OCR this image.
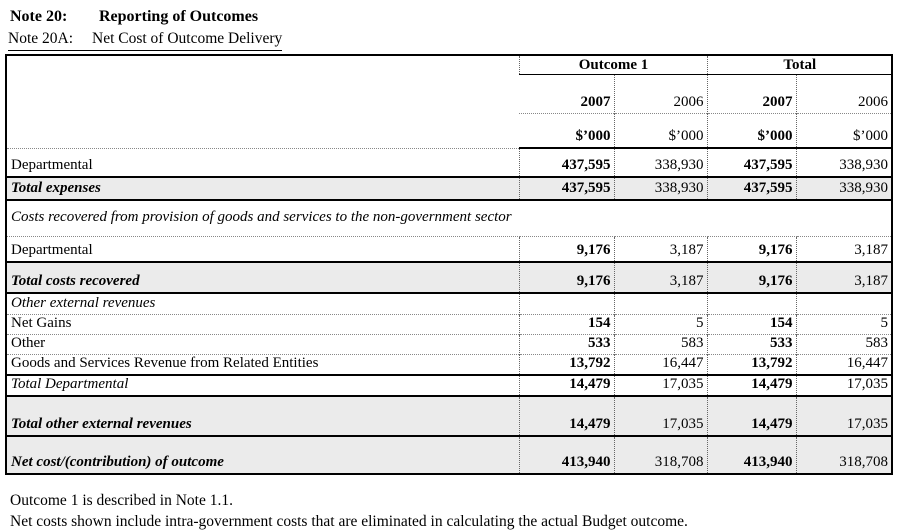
Note 20: Reporting of Outcomes
Note 20A: Net Cost of Outcome Delivery
	Outcome 1		Total	
	2007	2006	2007	2006
	$’000	$’000	$’000	$’000
Departmental	437,595	338,930	437,595	338,930
Total expenses	437,595	338,930	437,595	338,930
Costs recovered from provision of goods and services to the non-government sector				
Departmental	9,176	3,187	9,176	3,187
Total costs recovered	9,176	3,187	9,176	3,187
Other external revenues				
Net Gains	154	5	154	5
Other	533	583	533	583
Goods and Services Revenue from Related Entities	13,792	16,447	13,792	16,447
Total Departmental	14,479	17,035	14,479	17,035
Total other external revenues	14,479	17,035	14,479	17,035
Net cost/(contribution) of outcome	413,940	318,708	413,940	318,708
Outcome 1 is described in Note 1.1.
Net costs shown include intra-government costs that are eliminated in calculating the actual Budget outcome.
